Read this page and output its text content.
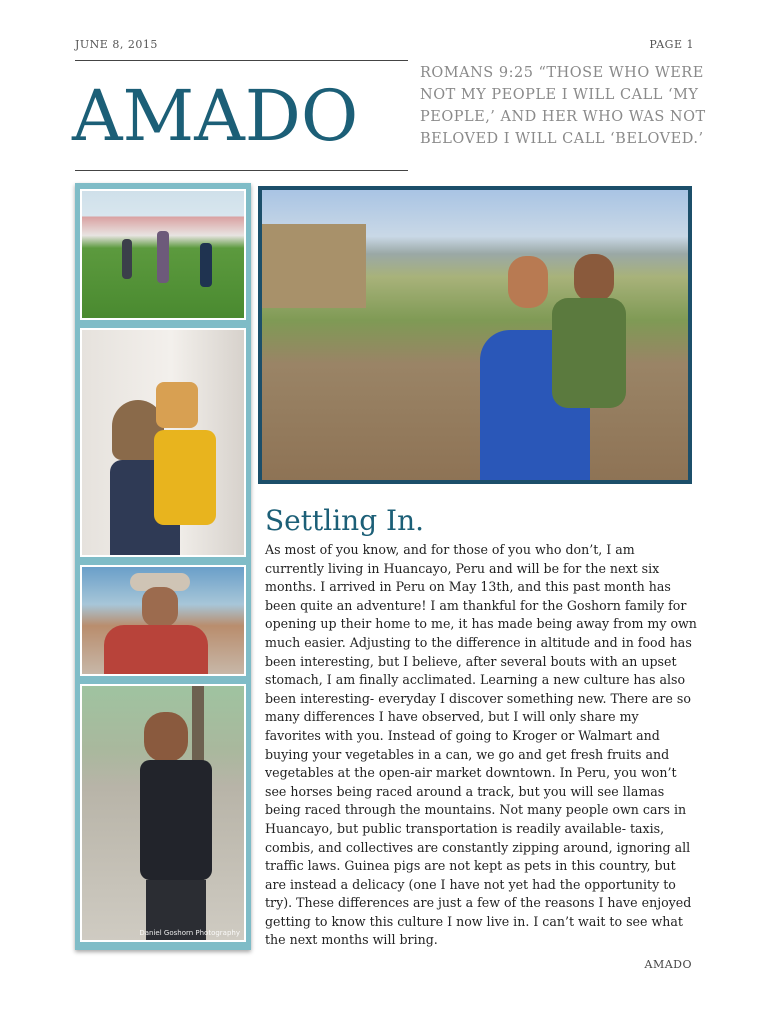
JUNE 8, 2015	PAGE 1
AMADO
ROMANS 9:25 “THOSE WHO WERE NOT MY PEOPLE I WILL CALL ‘MY PEOPLE,’ AND HER WHO WAS NOT BELOVED I WILL CALL ‘BELOVED.’
Daniel Goshorn Photography
Settling In.

As most of you know, and for those of you who don’t, I am currently living in Huancayo, Peru and will be for the next six months. I arrived in Peru on May 13th, and this past month has been quite an adventure! I am thankful for the Goshorn family for opening up their home to me, it has made being away from my own much easier. Adjusting to the difference in altitude and in food has been interesting, but I believe, after several bouts with an upset stomach, I am finally acclimated. Learning a new culture has also been interesting- everyday I discover something new. There are so many differences I have observed, but I will only share my favorites with you. Instead of going to Kroger or Walmart and buying your vegetables in a can, we go and get fresh fruits and vegetables at the open-air market downtown. In Peru, you won’t see horses being raced around a track, but you will see llamas being raced through the mountains. Not many people own cars in Huancayo, but public transportation is readily available- taxis, combis, and collectives are constantly zipping around, ignoring all traffic laws. Guinea pigs are not kept as pets in this country, but are instead a delicacy (one I have not yet had the opportunity to try). These differences are just a few of the reasons I have enjoyed getting to know this culture I now live in. I can’t wait to see what the next months will bring.

AMADO
